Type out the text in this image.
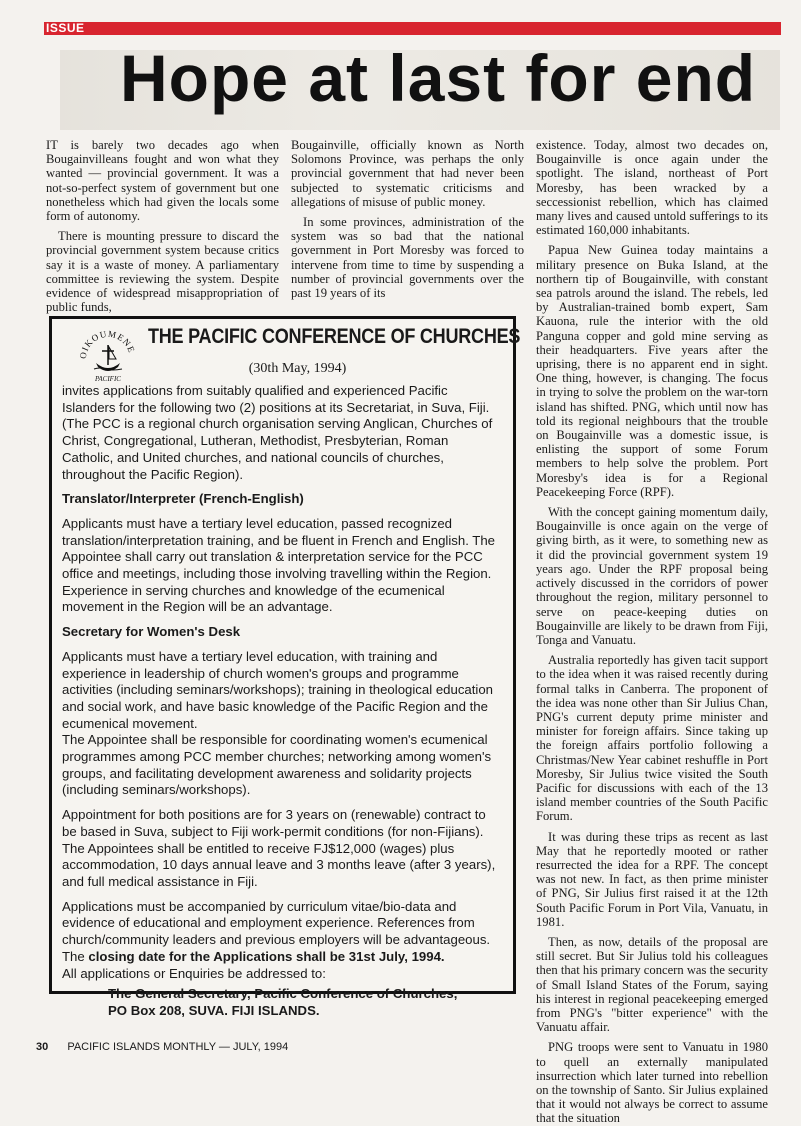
ISSUE
Hope at last for end

IT is barely two decades ago when Bougainvilleans fought and won what they wanted — provincial government. It was a not-so-perfect system of government but one nonetheless which had given the locals some form of autonomy.

There is mounting pressure to discard the provincial government system because critics say it is a waste of money. A parliamentary committee is reviewing the system. Despite evidence of widespread misappropriation of public funds,

Bougainville, officially known as North Solomons Province, was perhaps the only provincial government that had never been subjected to systematic criticisms and allegations of misuse of public money.

In some provinces, administration of the system was so bad that the national government in Port Moresby was forced to intervene from time to time by suspending a number of provincial governments over the past 19 years of its

existence. Today, almost two decades on, Bougainville is once again under the spotlight. The island, northeast of Port Moresby, has been wracked by a seccessionist rebellion, which has claimed many lives and caused untold sufferings to its estimated 160,000 inhabitants.

Papua New Guinea today maintains a military presence on Buka Island, at the northern tip of Bougainville, with constant sea patrols around the island. The rebels, led by Australian-trained bomb expert, Sam Kauona, rule the interior with the old Panguna copper and gold mine serving as their headquarters. Five years after the uprising, there is no apparent end in sight. One thing, however, is changing. The focus in trying to solve the problem on the war-torn island has shifted. PNG, which until now has told its regional neighbours that the trouble on Bougainville was a domestic issue, is enlisting the support of some Forum members to help solve the problem. Port Moresby's idea is for a Regional Peacekeeping Force (RPF).

With the concept gaining momentum daily, Bougainville is once again on the verge of giving birth, as it were, to something new as it did the provincial government system 19 years ago. Under the RPF proposal being actively discussed in the corridors of power throughout the region, military personnel to serve on peace-keeping duties on Bougainville are likely to be drawn from Fiji, Tonga and Vanuatu.

Australia reportedly has given tacit support to the idea when it was raised recently during formal talks in Canberra. The proponent of the idea was none other than Sir Julius Chan, PNG's current deputy prime minister and minister for foreign affairs. Since taking up the foreign affairs portfolio following a Christmas/New Year cabinet reshuffle in Port Moresby, Sir Julius twice visited the South Pacific for discussions with each of the 13 island member countries of the South Pacific Forum.

It was during these trips as recent as last May that he reportedly mooted or rather resurrected the idea for a RPF. The concept was not new. In fact, as then prime minister of PNG, Sir Julius first raised it at the 12th South Pacific Forum in Port Vila, Vanuatu, in 1981.

Then, as now, details of the proposal are still secret. But Sir Julius told his colleagues then that his primary concern was the security of Small Island States of the Forum, saying his interest in regional peacekeeping emerged from PNG's "bitter experience" with the Vanuatu affair.

PNG troops were sent to Vanuatu in 1980 to quell an externally manipulated insurrection which later turned into rebellion on the township of Santo. Sir Julius explained that it would not always be correct to assume that the situation

OIKOUMENE
PACIFIC
THE PACIFIC CONFERENCE OF CHURCHES
(30th May, 1994)

invites applications from suitably qualified and experienced Pacific Islanders for the following two (2) positions at its Secretariat, in Suva, Fiji.

(The PCC is a regional church organisation serving Anglican, Churches of Christ, Congregational, Lutheran, Methodist, Presbyterian, Roman Catholic, and United churches, and national councils of churches, throughout the Pacific Region).

Translator/Interpreter (French-English)

Applicants must have a tertiary level education, passed recognized translation/interpretation training, and be fluent in French and English. The Appointee shall carry out translation & interpretation service for the PCC office and meetings, including those involving travelling within the Region. Experience in serving churches and knowledge of the ecumenical movement in the Region will be an advantage.

Secretary for Women's Desk

Applicants must have a tertiary level education, with training and experience in leadership of church women's groups and programme activities (including seminars/workshops); training in theological education and social work, and have basic knowledge of the Pacific Region and the ecumenical movement.

The Appointee shall be responsible for coordinating women's ecumenical programmes among PCC member churches; networking among women's groups, and facilitating development awareness and solidarity projects (including seminars/workshops).

Appointment for both positions are for 3 years on (renewable) contract to be based in Suva, subject to Fiji work-permit conditions (for non-Fijians). The Appointees shall be entitled to receive FJ$12,000 (wages) plus accommodation, 10 days annual leave and 3 months leave (after 3 years), and full medical assistance in Fiji.

Applications must be accompanied by curriculum vitae/bio-data and evidence of educational and employment experience. References from church/community leaders and previous employers will be advantageous. The closing date for the Applications shall be 31st July, 1994.

All applications or Enquiries be addressed to:

The General Secretary, Pacific Conference of Churches,
PO Box 208, SUVA. FIJI ISLANDS.
30 PACIFIC ISLANDS MONTHLY — JULY, 1994
